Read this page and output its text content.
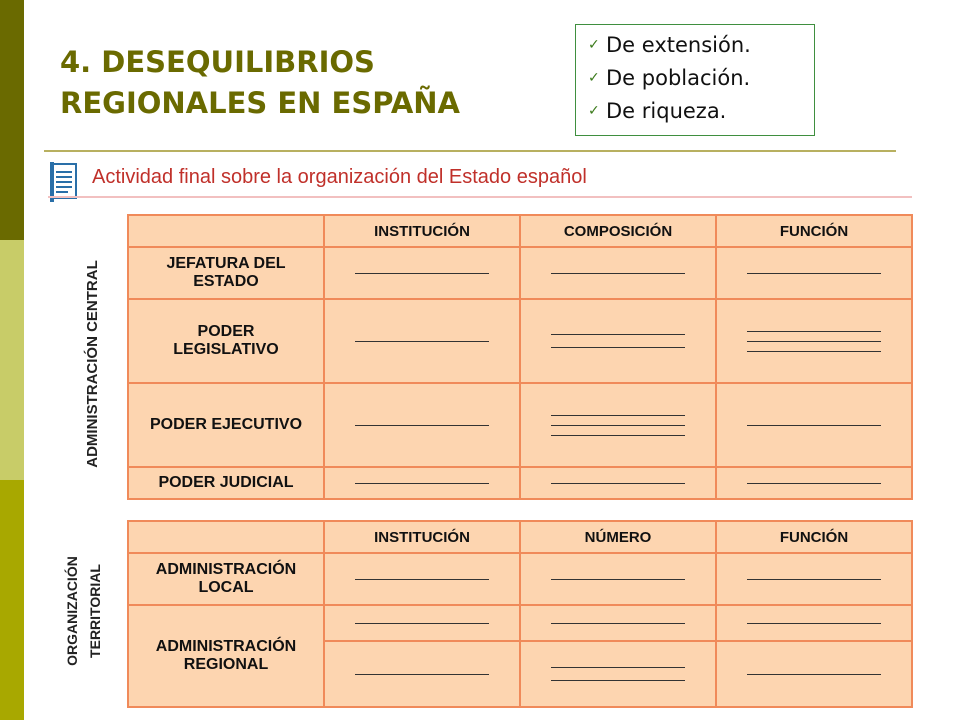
4. DESEQUILIBRIOS
REGIONALES EN ESPAÑA
✓ De extensión.
✓ De población.
✓ De riqueza.
Actividad final sobre la organización del Estado español
ADMINISTRACIÓN CENTRAL
	INSTITUCIÓN	COMPOSICIÓN	FUNCIÓN
JEFATURA DEL ESTADO	

PODER LEGISLATIVO	

PODER EJECUTIVO	

PODER JUDICIAL	

ORGANIZACIÓN TERRITORIAL
	INSTITUCIÓN	NÚMERO	FUNCIÓN
ADMINISTRACIÓN LOCAL	

ADMINISTRACIÓN REGIONAL	
